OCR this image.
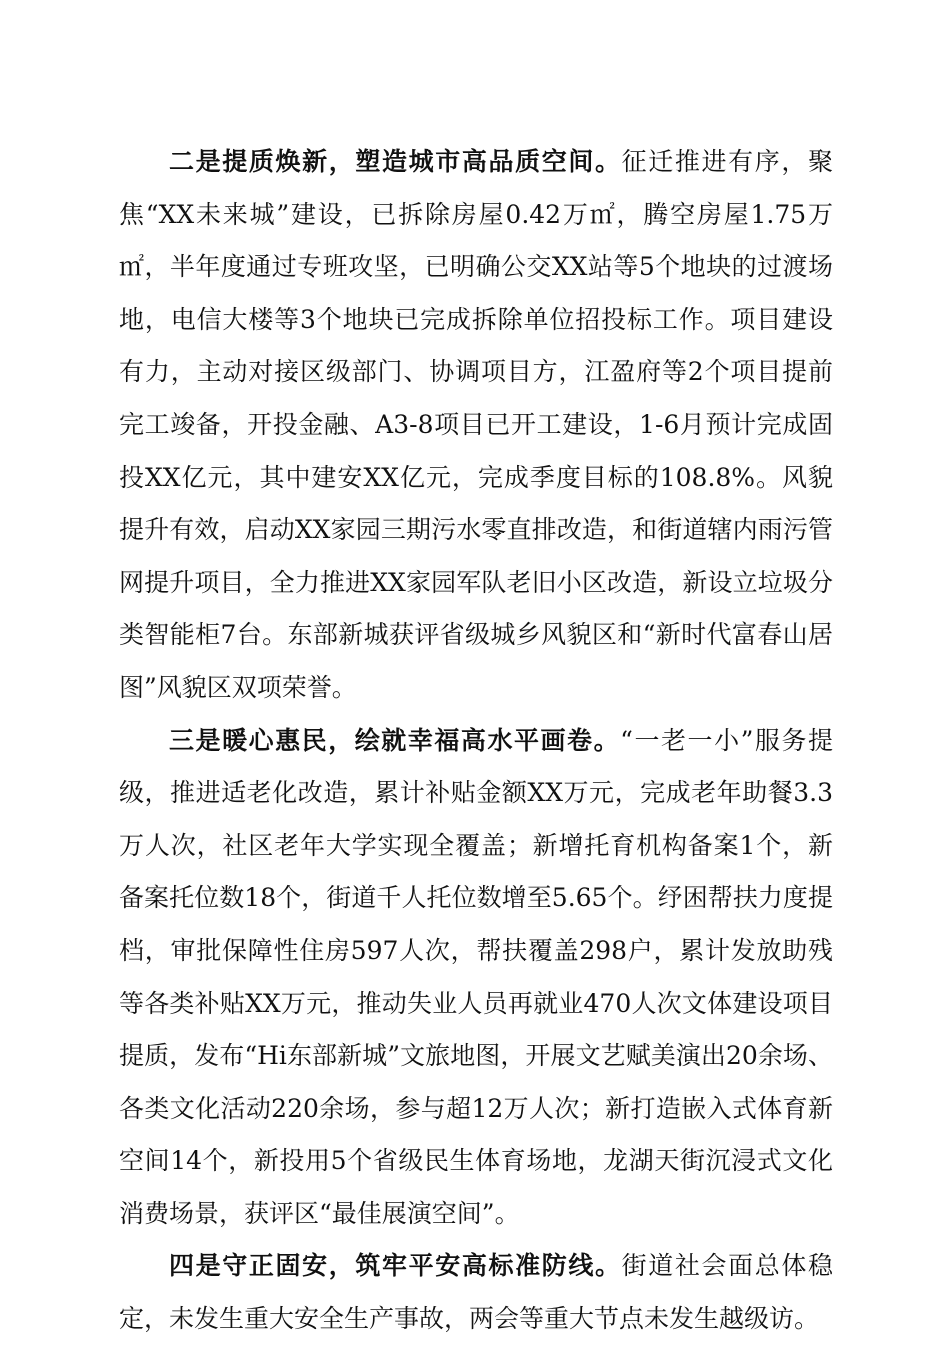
二是提质焕新，塑造城市高品质空间。征迁推进有序，聚焦“XX未来城”建设，已拆除房屋0.42万㎡，腾空房屋1.75万㎡，半年度通过专班攻坚，已明确公交XX站等5个地块的过渡场地，电信大楼等3个地块已完成拆除单位招投标工作。项目建设有力，主动对接区级部门、协调项目方，江盈府等2个项目提前完工竣备，开投金融、A3-8项目已开工建设，1-6月预计完成固投XX亿元，其中建安XX亿元，完成季度目标的108.8%。风貌提升有效，启动XX家园三期污水零直排改造，和街道辖内雨污管网提升项目，全力推进XX家园军队老旧小区改造，新设立垃圾分类智能柜7台。东部新城获评省级城乡风貌区和“新时代富春山居图”风貌区双项荣誉。

三是暖心惠民，绘就幸福高水平画卷。“一老一小”服务提级，推进适老化改造，累计补贴金额XX万元，完成老年助餐3.3万人次，社区老年大学实现全覆盖；新增托育机构备案1个，新备案托位数18个，街道千人托位数增至5.65个。纾困帮扶力度提档，审批保障性住房597人次，帮扶覆盖298户，累计发放助残等各类补贴XX万元，推动失业人员再就业470人次文体建设项目提质，发布“Hi东部新城”文旅地图，开展文艺赋美演出20余场、各类文化活动220余场，参与超12万人次；新打造嵌入式体育新空间14个，新投用5个省级民生体育场地，龙湖天街沉浸式文化消费场景，获评区“最佳展演空间”。

四是守正固安，筑牢平安高标准防线。街道社会面总体稳定，未发生重大安全生产事故，两会等重大节点未发生越级访。
